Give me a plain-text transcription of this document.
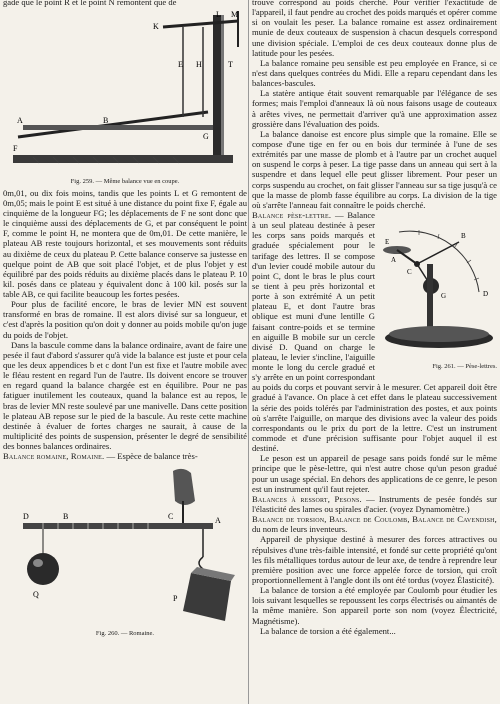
gade que le point R et le point N remontent que de

L M
K
E H	T
A	B
G
F
Fig. 259. — Même balance vue en coupe.

0m,01, ou dix fois moins, tandis que les points L et G remontent de 0m,05; mais le point E est situé à une distance du point fixe F, égale au cinquième de la longueur FG; les déplacements de F ne sont donc que le cinquième aussi des déplacements de G, et par conséquent le point F, comme le point H, ne montera que de 0m,01. De cette manière, le plateau AB reste toujours horizontal, et ses mouvements sont réduits au dixième de ceux du plateau P. Cette balance conserve sa justesse en quelque point de AB que soit placé l'objet, et de plus l'objet y est équilibré par des poids réduits au dixième placés dans le plateau P. 10 kil. posés dans ce plateau y équivalent donc à 100 kil. posés sur la table AB, ce qui facilite beaucoup les fortes pesées.

Pour plus de facilité encore, le bras de levier MN est souvent transformé en bras de romaine. Il est alors divisé sur sa longueur, et c'est d'après la position qu'on doit y donner au poids mobile qu'on juge du poids de l'objet.

Dans la bascule comme dans la balance ordinaire, avant de faire une pesée il faut d'abord s'assurer qu'à vide la balance est juste et pour cela que les deux appendices b et c dont l'un est fixe et l'autre mobile avec le fléau restent en regard l'un de l'autre. Ils doivent encore se trouver en regard quand la balance chargée est en équilibre. Pour ne pas fatiguer inutilement les couteaux, quand la balance est au repos, le bras de levier MN reste soulevé par une manivelle. Dans cette position le plateau AB repose sur le pied de la bascule. Au reste cette machine destinée à évaluer de fortes charges ne saurait, à cause de la multiplicité des points de suspension, présenter le degré de sensibilité des bonnes balances ordinaires.

Balance romaine, Romaine. — Espèce de balance très-

D	B	C	A
Q	P
Fig. 260. — Romaine.

trouve correspond au poids cherché. Pour vérifier l'exactitude de l'appareil, il faut pendre au crochet des poids marqués et opérer comme si on voulait les peser. La balance romaine est assez ordinairement munie de deux couteaux de suspension à chacun desquels correspond une division spéciale. L'emploi de ces deux couteaux donne plus de latitude pour les pesées.

La balance romaine peu sensible est peu employée en France, si ce n'est dans quelques contrées du Midi. Elle a reparu cependant dans les balances-bascules.

La statère antique était souvent remarquable par l'élégance de ses formes; mais l'emploi d'anneaux là où nous faisons usage de couteaux à arêtes vives, ne permettait d'arriver qu'à une approximation assez grossière dans l'évaluation des poids.

La balance danoise est encore plus simple que la romaine. Elle se compose d'une tige en fer ou en bois dur terminée à l'une de ses extrémités par une masse de plomb et à l'autre par un crochet auquel on suspend le corps à peser. La tige passe dans un anneau qui sert à la suspendre et dans lequel elle peut glisser librement. Pour peser un corps suspendu au crochet, on fait glisser l'anneau sur sa tige jusqu'à ce que la masse de plomb fasse équilibre au corps. La division de la tige où s'arrête l'anneau fait connaître le poids cherché.

E
A
C
B
D
G
Fig. 261. — Pèse-lettres.

Balance pèse-lettre. — Balance à un seul plateau destinée à peser les corps sans poids marqués et graduée spécialement pour le tarifage des lettres. Il se compose d'un levier coudé mobile autour du point C, dont le bras le plus court se tient à peu près horizontal et porte à son extrémité A un petit plateau E, et dont l'autre bras oblique est muni d'une lentille G faisant contre-poids et se termine en aiguille B mobile sur un cercle divisé D. Quand on charge le plateau, le levier s'incline, l'aiguille monte le long du cercle gradué et s'y arrête en un point correspondant au poids du corps et pouvant servir à le mesurer. Cet appareil doit être gradué à l'avance. On place à cet effet dans le plateau successivement la série des poids tolérés par l'administration des postes, et aux points où s'arrête l'aiguille, on marque des divisions avec la valeur des poids correspondants ou le prix du port de la lettre. C'est un instrument commode et d'une précision suffisante pour l'objet auquel il est destiné.

Le peson est un appareil de pesage sans poids fondé sur le même principe que le pèse-lettre, qui n'est autre chose qu'un peson gradué pour un usage spécial. En dehors des applications de ce genre, le peson est un instrument qu'il faut rejeter.

Balances à ressort, Pesons. — Instruments de pesée fondés sur l'élasticité des lames ou spirales d'acier. (voyez Dynamomètre.)

Balance de torsion, Balance de Coulomb, Balance de Cavendish, du nom de leurs inventeurs.

Appareil de physique destiné à mesurer des forces attractives ou répulsives d'une très-faible intensité, et fondé sur cette propriété qu'ont les fils métalliques tordus autour de leur axe, de tendre à reprendre leur première position avec une force appelée force de torsion, qui croît proportionnellement à l'angle dont ils ont été tordus (voyez Élasticité).

La balance de torsion a été employée par Coulomb pour étudier les lois suivant lesquelles se repoussent les corps électrisés ou aimantés de la même manière. Son appareil porte son nom (voyez Électricité, Magnétisme).

La balance de torsion a été également...
